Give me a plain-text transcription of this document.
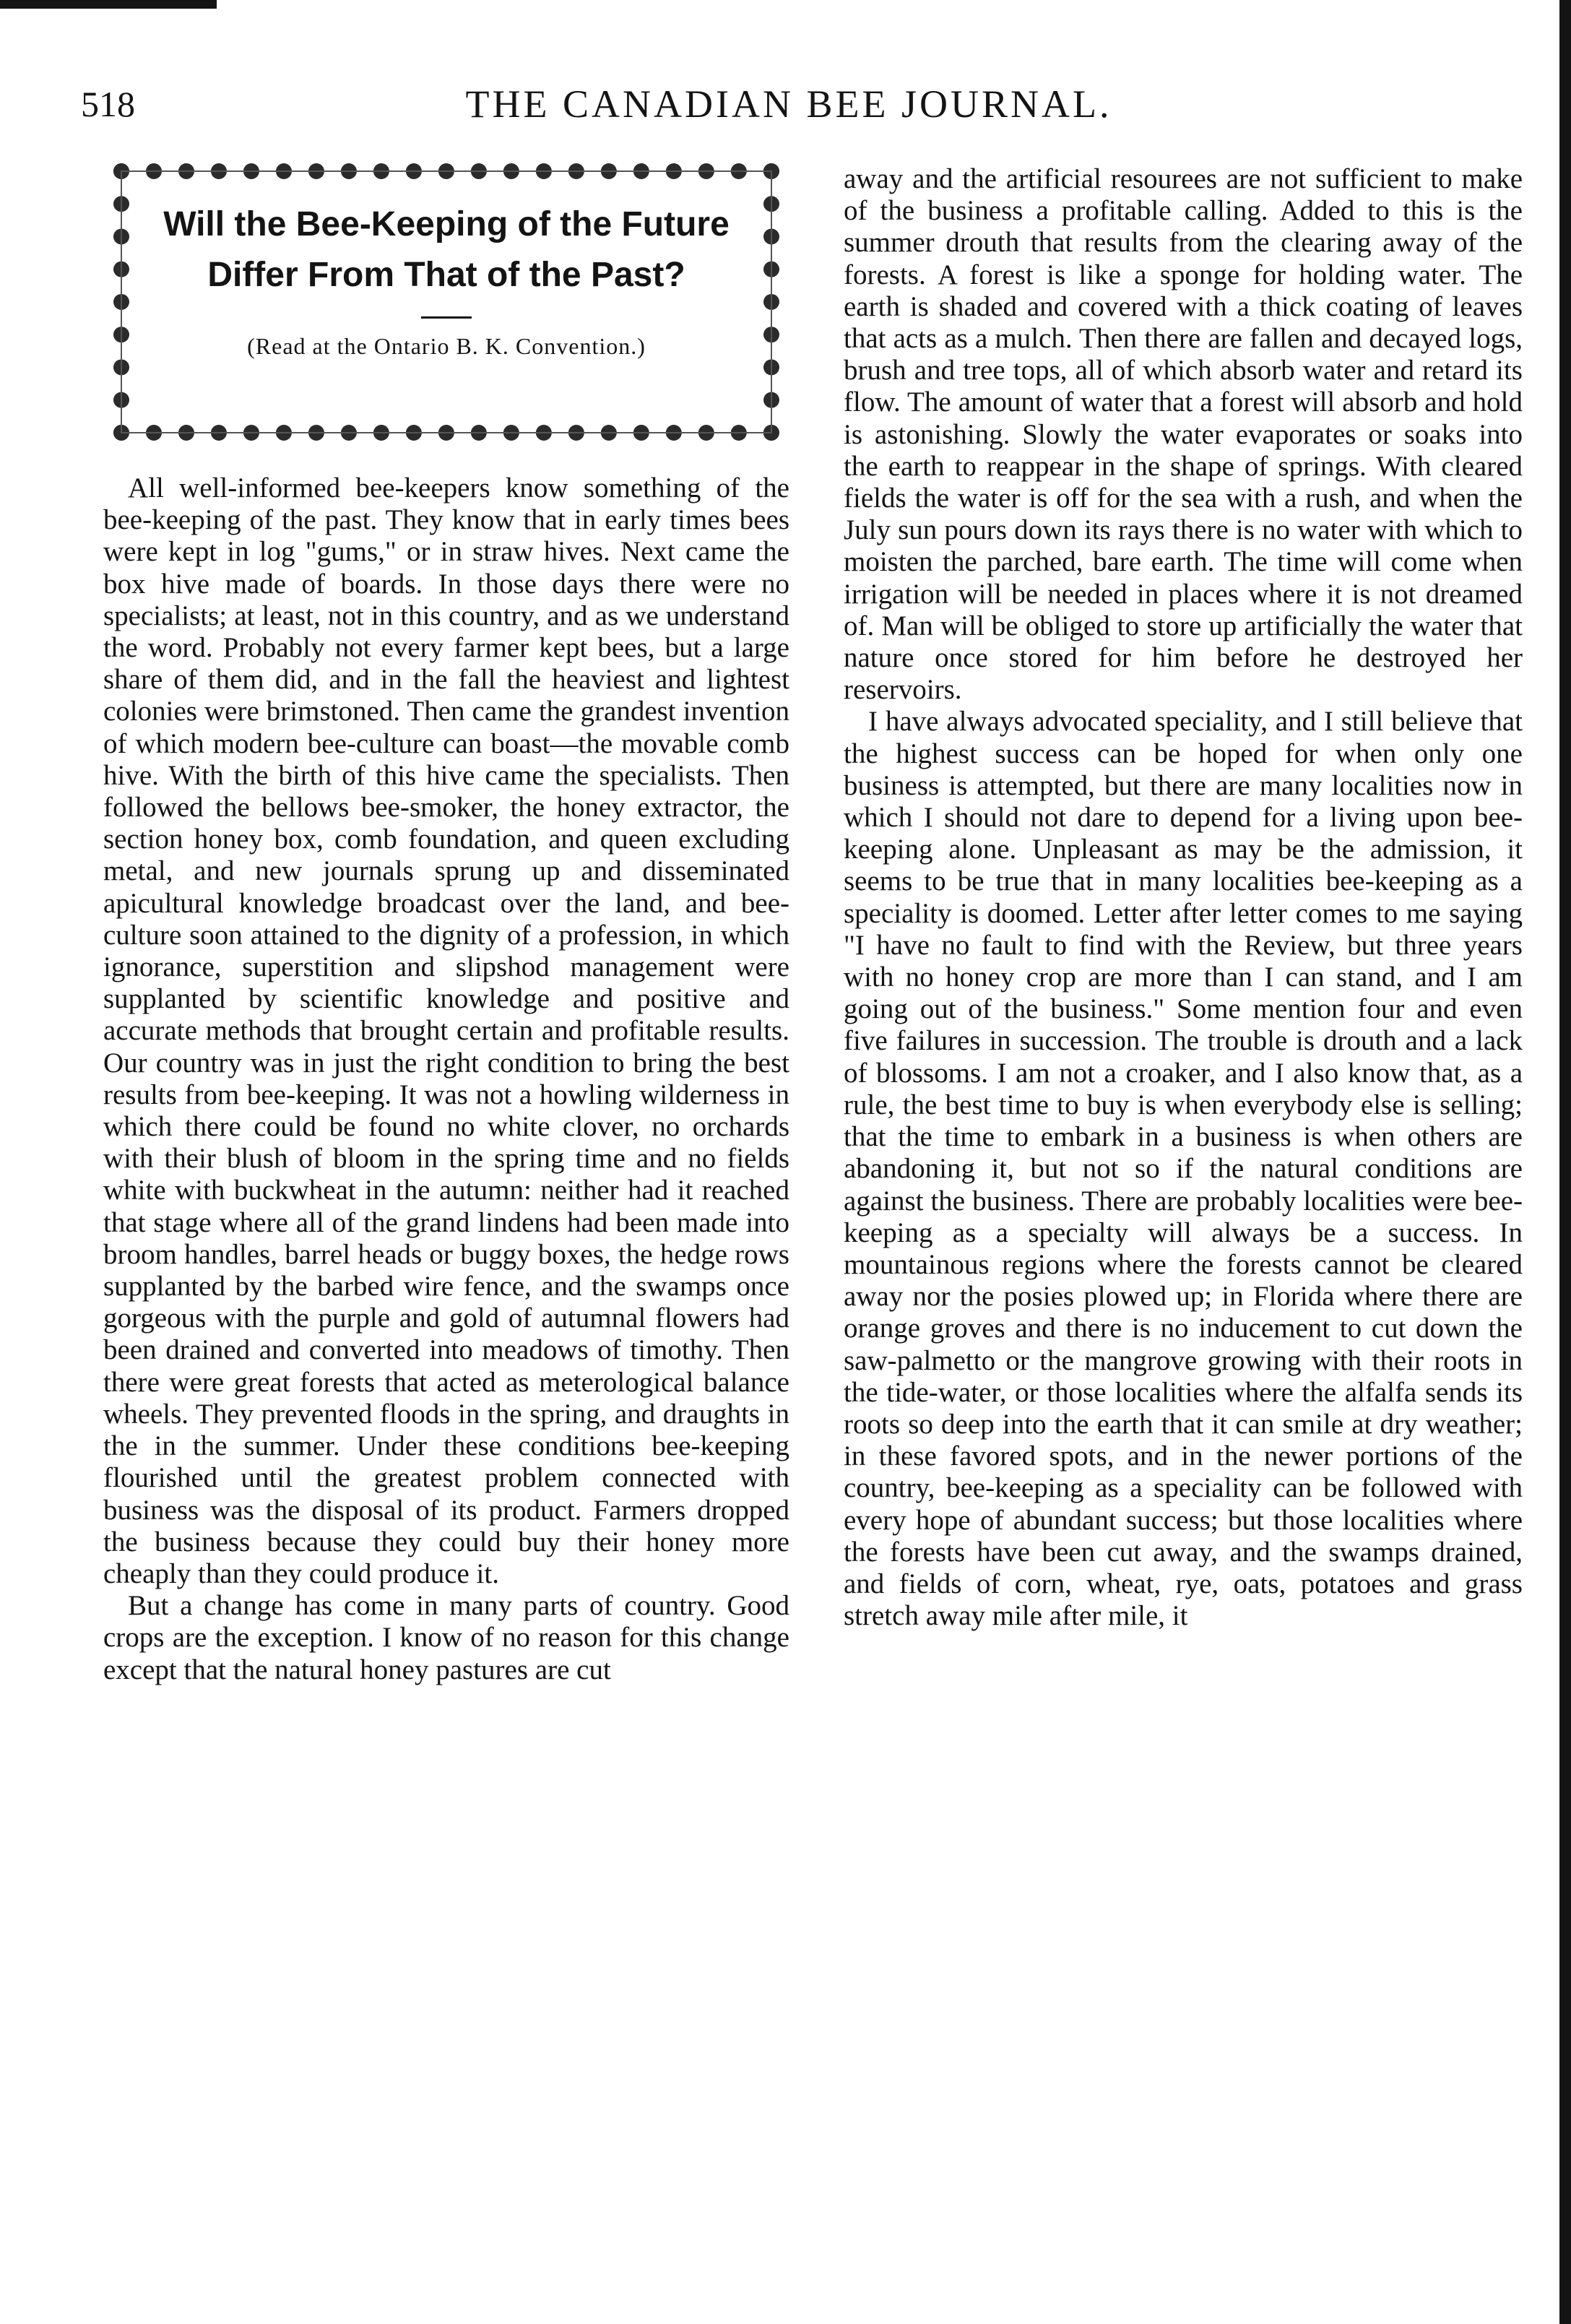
518	THE CANADIAN BEE JOURNAL.
Will the Bee-Keeping of the Future Differ From That of the Past?
(Read at the Ontario B. K. Convention.)

All well-informed bee-keepers know something of the bee-keeping of the past. They know that in early times bees were kept in log "gums," or in straw hives. Next came the box hive made of boards. In those days there were no specialists; at least, not in this country, and as we understand the word. Probably not every farmer kept bees, but a large share of them did, and in the fall the heaviest and lightest colonies were brimstoned. Then came the grandest invention of which modern bee-culture can boast—the movable comb hive. With the birth of this hive came the specialists. Then followed the bellows bee-smoker, the honey extractor, the section honey box, comb foundation, and queen excluding metal, and new journals sprung up and disseminated apicultural knowledge broadcast over the land, and bee-culture soon attained to the dignity of a profession, in which ignorance, superstition and slipshod management were supplanted by scientific knowledge and positive and accurate methods that brought certain and profitable results. Our country was in just the right condition to bring the best results from bee-keeping. It was not a howling wilderness in which there could be found no white clover, no orchards with their blush of bloom in the spring time and no fields white with buckwheat in the autumn: neither had it reached that stage where all of the grand lindens had been made into broom handles, barrel heads or buggy boxes, the hedge rows supplanted by the barbed wire fence, and the swamps once gorgeous with the purple and gold of autumnal flowers had been drained and converted into meadows of timothy. Then there were great forests that acted as meterological balance wheels. They prevented floods in the spring, and draughts in the in the summer. Under these conditions bee-keeping flourished until the greatest problem connected with business was the disposal of its product. Farmers dropped the business because they could buy their honey more cheaply than they could produce it.

But a change has come in many parts of country. Good crops are the exception. I know of no reason for this change except that the natural honey pastures are cut

away and the artificial resourees are not sufficient to make of the business a profitable calling. Added to this is the summer drouth that results from the clearing away of the forests. A forest is like a sponge for holding water. The earth is shaded and covered with a thick coating of leaves that acts as a mulch. Then there are fallen and decayed logs, brush and tree tops, all of which absorb water and retard its flow. The amount of water that a forest will absorb and hold is astonishing. Slowly the water evaporates or soaks into the earth to reappear in the shape of springs. With cleared fields the water is off for the sea with a rush, and when the July sun pours down its rays there is no water with which to moisten the parched, bare earth. The time will come when irrigation will be needed in places where it is not dreamed of. Man will be obliged to store up artificially the water that nature once stored for him before he destroyed her reservoirs.

I have always advocated speciality, and I still believe that the highest success can be hoped for when only one business is attempted, but there are many localities now in which I should not dare to depend for a living upon bee-keeping alone. Unpleasant as may be the admission, it seems to be true that in many localities bee-keeping as a speciality is doomed. Letter after letter comes to me saying "I have no fault to find with the Review, but three years with no honey crop are more than I can stand, and I am going out of the business." Some mention four and even five failures in succession. The trouble is drouth and a lack of blossoms. I am not a croaker, and I also know that, as a rule, the best time to buy is when everybody else is selling; that the time to embark in a business is when others are abandoning it, but not so if the natural conditions are against the business. There are probably localities were bee-keeping as a specialty will always be a success. In mountainous regions where the forests cannot be cleared away nor the posies plowed up; in Florida where there are orange groves and there is no inducement to cut down the saw-palmetto or the mangrove growing with their roots in the tide-water, or those localities where the alfalfa sends its roots so deep into the earth that it can smile at dry weather; in these favored spots, and in the newer portions of the country, bee-keeping as a speciality can be followed with every hope of abundant success; but those localities where the forests have been cut away, and the swamps drained, and fields of corn, wheat, rye, oats, potatoes and grass stretch away mile after mile, it
